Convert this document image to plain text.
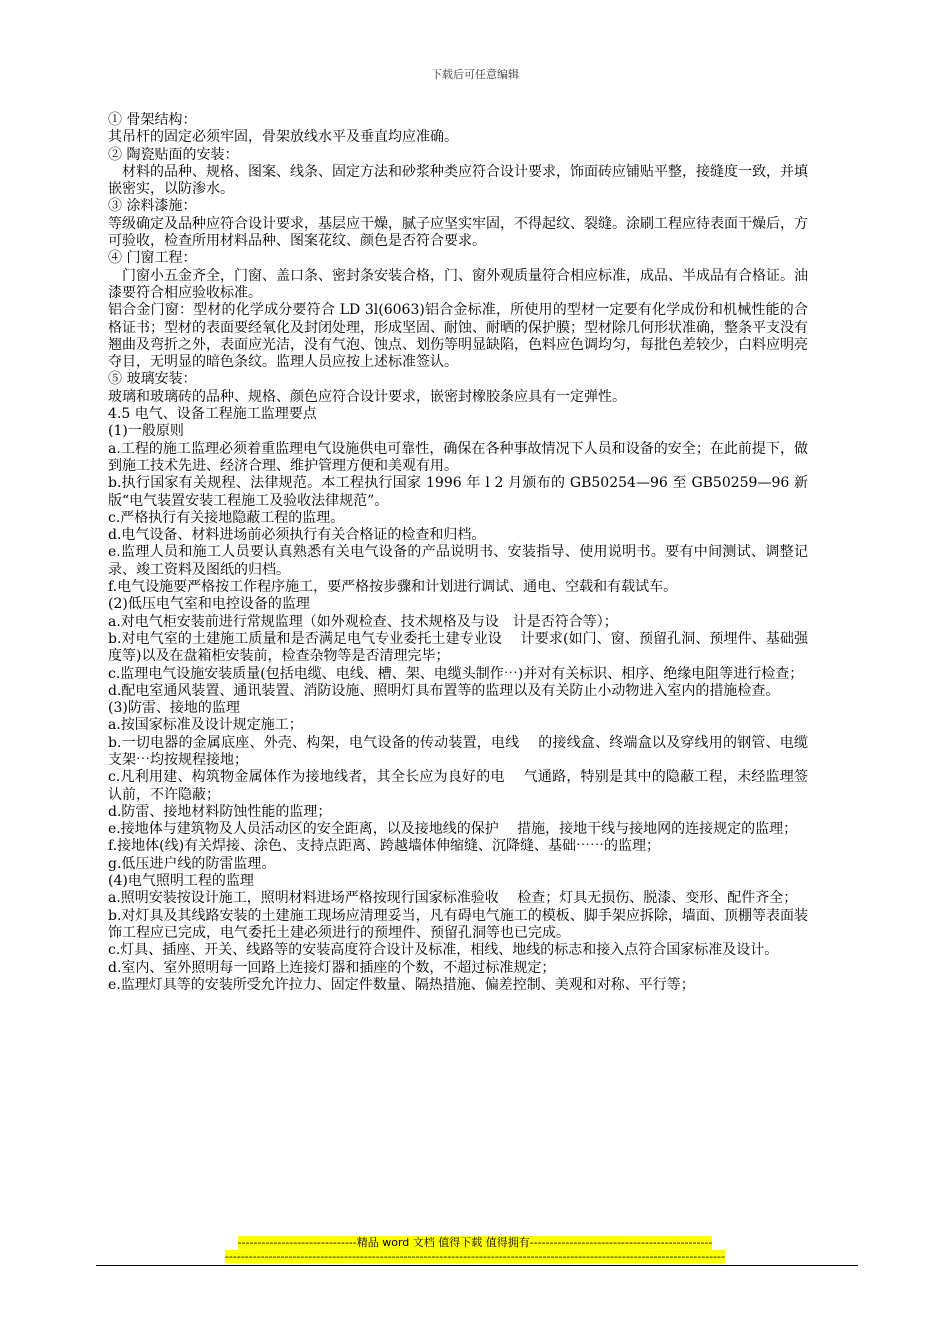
下载后可任意编辑

① 骨架结构：

其吊杆的固定必须牢固，骨架放线水平及垂直均应准确。

② 陶瓷贴面的安装：

　材料的品种、规格、图案、线条、固定方法和砂浆种类应符合设计要求，饰面砖应铺贴平整，接缝度一致，并填嵌密实，以防渗水。

③ 涂料漆施：

等级确定及品种应符合设计要求，基层应干燥，腻子应坚实牢固，不得起纹、裂缝。涂刷工程应待表面干燥后，方可验收，检查所用材料品种、图案花纹、颜色是否符合要求。

④ 门窗工程：

　门窗小五金齐全，门窗、盖口条、密封条安装合格，门、窗外观质量符合相应标准，成品、半成品有合格证。油漆要符合相应验收标准。

铝合金门窗：型材的化学成分要符合 LD 3l(6063)铝合金标准，所使用的型材一定要有化学成份和机械性能的合格证书；型材的表面要经氧化及封闭处理，形成坚固、耐蚀、耐晒的保护膜；型材除几何形状准确，整条平支没有翘曲及弯折之外，表面应光洁，没有气泡、蚀点、划伤等明显缺陷，色料应色调均匀，每批色差较少，白料应明亮夺目，无明显的暗色条纹。监理人员应按上述标准签认。

⑤ 玻璃安装：

玻璃和玻璃砖的品种、规格、颜色应符合设计要求，嵌密封橡胶条应具有一定弹性。

4.5 电气、设备工程施工监理要点

(1)一般原则

a.工程的施工监理必须着重监理电气设施供电可靠性，确保在各种事故情况下人员和设备的安全；在此前提下，做到施工技术先进、经济合理、维护管理方便和美观有用。

b.执行国家有关规程、法律规范。本工程执行国家 1996 年 l 2 月颁布的 GB50254—96 至 GB50259—96 新版“电气装置安装工程施工及验收法律规范”。

c.严格执行有关接地隐蔽工程的监理。

d.电气设备、材料进场前必须执行有关合格证的检查和归档。

e.监理人员和施工人员要认真熟悉有关电气设备的产品说明书、安装指导、使用说明书。要有中间测试、调整记录、竣工资料及图纸的归档。

f.电气设施要严格按工作程序施工，要严格按步骤和计划进行调试、通电、空载和有载试车。

(2)低压电气室和电控设备的监理

a.对电气柜安装前进行常规监理（如外观检查、技术规格及与设　计是否符合等）；

b.对电气室的土建施工质量和是否满足电气专业委托土建专业设　 计要求(如门、窗、预留孔洞、预埋件、基础强度等)以及在盘箱柜安装前，检查杂物等是否清理完毕；

c.监理电气设施安装质量(包括电缆、电线、槽、架、电缆头制作⋯)并对有关标识、相序、绝缘电阻等进行检查；

d.配电室通风装置、通讯装置、消防设施、照明灯具布置等的监理以及有关防止小动物进入室内的措施检查。

(3)防雷、接地的监理

a.按国家标准及设计规定施工；

b.一切电器的金属底座、外壳、构架，电气设备的传动装置，电线　 的接线盒、终端盒以及穿线用的钢管、电缆支架⋯均按规程接地；

c.凡利用建、构筑物金属体作为接地线者，其全长应为良好的电　 气通路，特别是其中的隐蔽工程，未经监理签认前，不许隐蔽；

d.防雷、接地材料防蚀性能的监理；

e.接地体与建筑物及人员活动区的安全距离，以及接地线的保护　 措施，接地干线与接地网的连接规定的监理；

f.接地体(线)有关焊接、涂色、支持点距离、跨越墙体伸缩缝、沉降缝、基础⋯⋯的监理；

g.低压进户线的防雷监理。

(4)电气照明工程的监理

a.照明安装按设计施工，照明材料进场严格按现行国家标准验收　 检查；灯具无损伤、脱漆、变形、配件齐全；

b.对灯具及其线路安装的土建施工现场应清理妥当，凡有碍电气施工的模板、脚手架应拆除，墙面、顶棚等表面装饰工程应已完成，电气委托土建必须进行的预埋件、预留孔洞等也已完成。

c.灯具、插座、开关、线路等的安装高度符合设计及标准，相线、地线的标志和接入点符合国家标准及设计。

d.室内、室外照明每一回路上连接灯器和插座的个数，不超过标准规定；

e.监理灯具等的安装所受允许拉力、固定件数量、隔热措施、偏差控制、美观和对称、平行等；

------------------------------精品 word 文档 值得下载 值得拥有----------------------------------------------
------------------------------------------------------------------------------------------------------------------------------
